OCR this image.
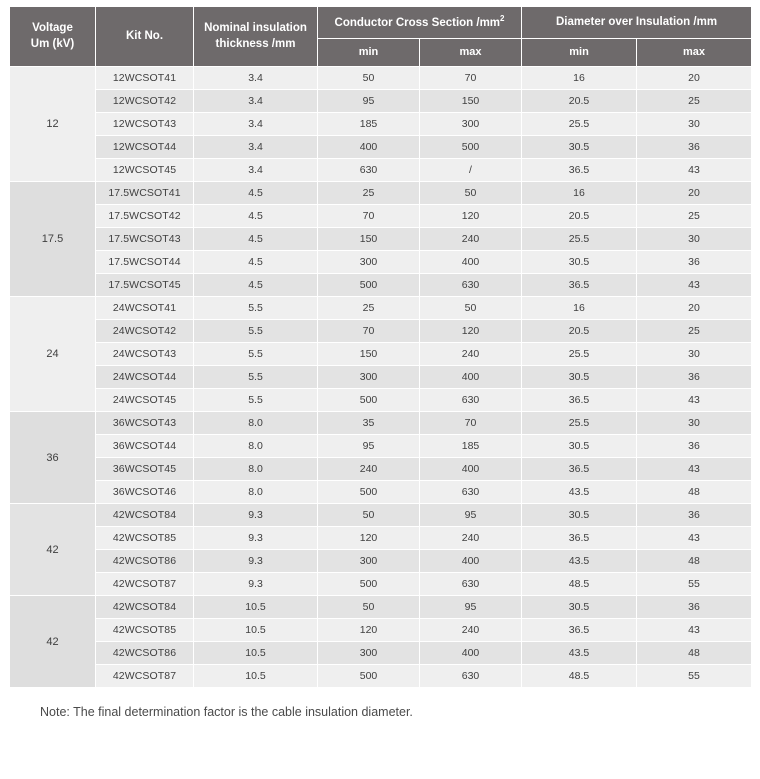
Voltage
Um (kV)	Kit No.	Nominal insulation
thickness /mm	Conductor Cross Section $/mm^2$		Diameter over Insulation /mm	
			min	max	min	max
12	12WCSOT41	3.4	50	70	16	20
	12WCSOT42	3.4	95	150	20.5	25
	12WCSOT43	3.4	185	300	25.5	30
	12WCSOT44	3.4	400	500	30.5	36
	12WCSOT45	3.4	630	/	36.5	43
17.5	17.5WCSOT41	4.5	25	50	16	20
	17.5WCSOT42	4.5	70	120	20.5	25
	17.5WCSOT43	4.5	150	240	25.5	30
	17.5WCSOT44	4.5	300	400	30.5	36
	17.5WCSOT45	4.5	500	630	36.5	43
24	24WCSOT41	5.5	25	50	16	20
	24WCSOT42	5.5	70	120	20.5	25
	24WCSOT43	5.5	150	240	25.5	30
	24WCSOT44	5.5	300	400	30.5	36
	24WCSOT45	5.5	500	630	36.5	43
36	36WCSOT43	8.0	35	70	25.5	30
	36WCSOT44	8.0	95	185	30.5	36
	36WCSOT45	8.0	240	400	36.5	43
	36WCSOT46	8.0	500	630	43.5	48
42	42WCSOT84	9.3	50	95	30.5	36
	42WCSOT85	9.3	120	240	36.5	43
	42WCSOT86	9.3	300	400	43.5	48
	42WCSOT87	9.3	500	630	48.5	55
42	42WCSOT84	10.5	50	95	30.5	36
	42WCSOT85	10.5	120	240	36.5	43
	42WCSOT86	10.5	300	400	43.5	48
	42WCSOT87	10.5	500	630	48.5	55
Note: The final determination factor is the cable insulation diameter.
